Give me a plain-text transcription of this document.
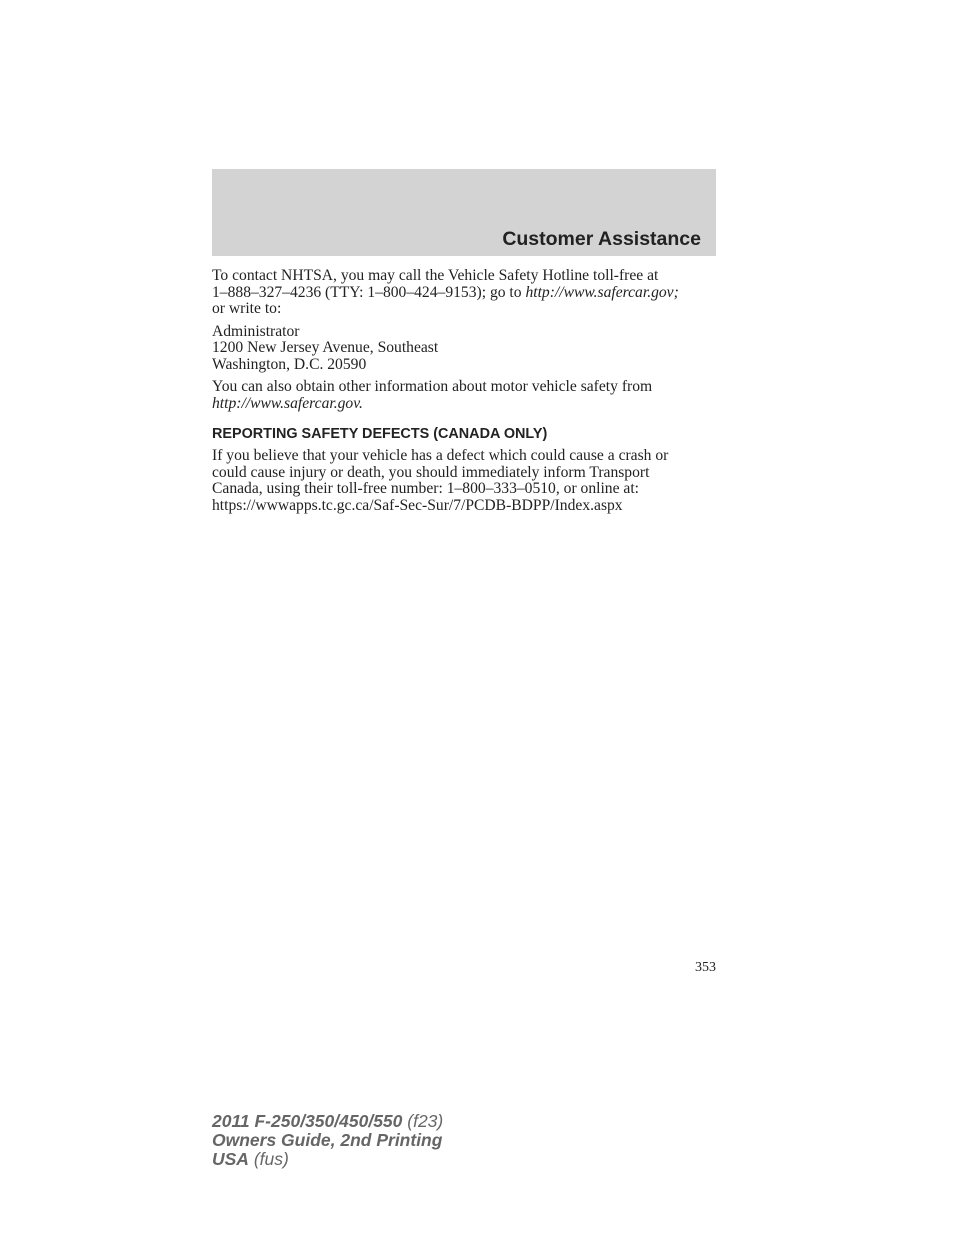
Customer Assistance

To contact NHTSA, you may call the Vehicle Safety Hotline toll-free at
1–888–327–4236 (TTY: 1–800–424–9153); go to http://www.safercar.gov;
or write to:

Administrator
1200 New Jersey Avenue, Southeast
Washington, D.C. 20590

You can also obtain other information about motor vehicle safety from
http://www.safercar.gov.

REPORTING SAFETY DEFECTS (CANADA ONLY)

If you believe that your vehicle has a defect which could cause a crash or
could cause injury or death, you should immediately inform Transport
Canada, using their toll-free number: 1–800–333–0510, or online at:
https://wwwapps.tc.gc.ca/Saf-Sec-Sur/7/PCDB-BDPP/Index.aspx

353
2011 F-250/350/450/550 (f23)
Owners Guide, 2nd Printing
USA (fus)
